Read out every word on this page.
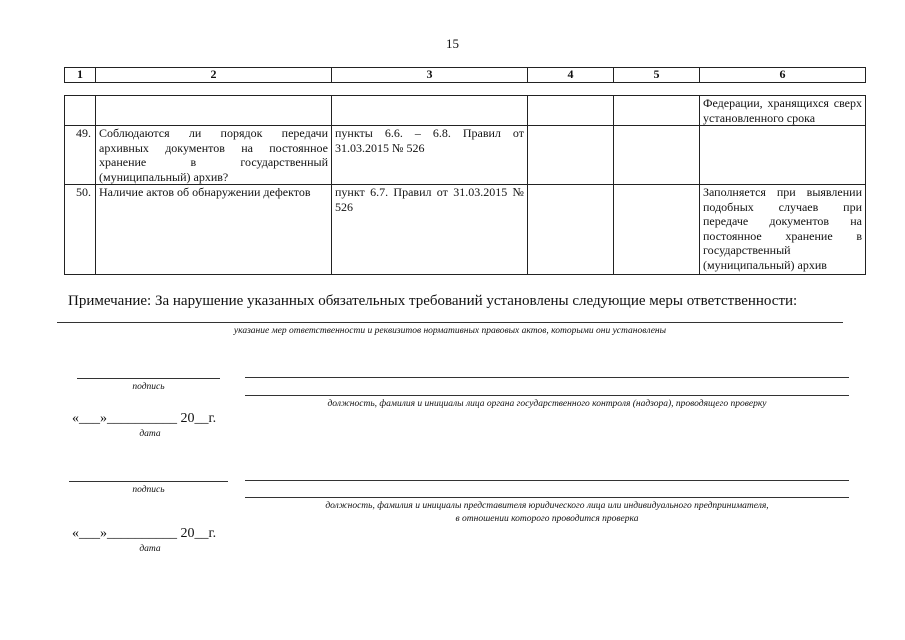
15
1	2	3	4	5	6
					Федерации, хранящихся сверх установленного срока
49.	Соблюдаются ли порядок передачи архивных документов на постоянное хранение в государственный (муниципальный) архив?	пункты 6.6. – 6.8. Правил от 31.03.2015 № 526			
50.	Наличие актов об обнаружении дефектов	пункт 6.7. Правил от 31.03.2015 № 526			Заполняется при выявлении подобных случаев при передаче документов на постоянное хранение в государственный (муниципальный) архив
Примечание: За нарушение указанных обязательных требований установлены следующие меры ответственности:
указание мер ответственности и реквизитов нормативных правовых актов, которыми они установлены
подпись
должность, фамилия и инициалы лица органа государственного контроля (надзора), проводящего проверку
«___»__________ 20__г.
дата
подпись
должность, фамилия и инициалы представителя юридического лица или индивидуального предпринимателя,
в отношении которого проводится проверка
«___»__________ 20__г.
дата
